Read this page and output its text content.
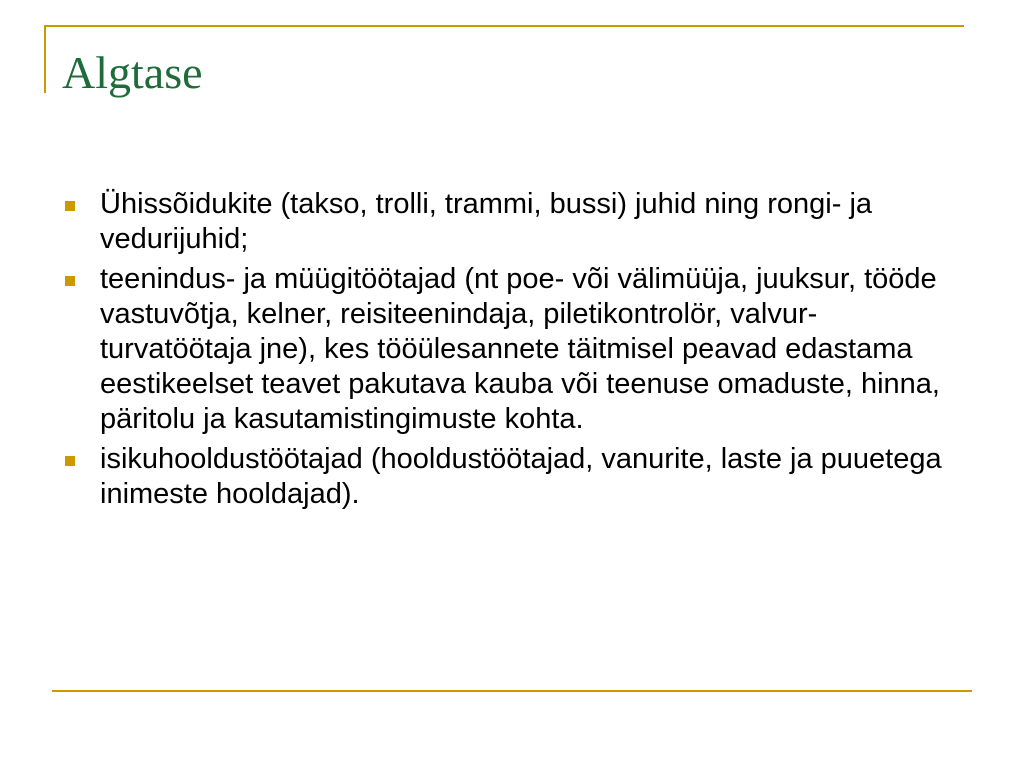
Algtase
Ühissõidukite (takso, trolli, trammi, bussi) juhid ning rongi- ja vedurijuhid;
teenindus- ja müügitöötajad (nt poe- või välimüüja, juuksur, tööde vastuvõtja, kelner, reisiteenindaja, piletikontrolör, valvur-turvatöötaja jne), kes tööülesannete täitmisel peavad edastama eestikeelset teavet pakutava kauba või teenuse omaduste, hinna, päritolu ja kasutamistingimuste kohta.
isikuhooldustöötajad (hooldustöötajad, vanurite, laste ja puuetega inimeste hooldajad).
